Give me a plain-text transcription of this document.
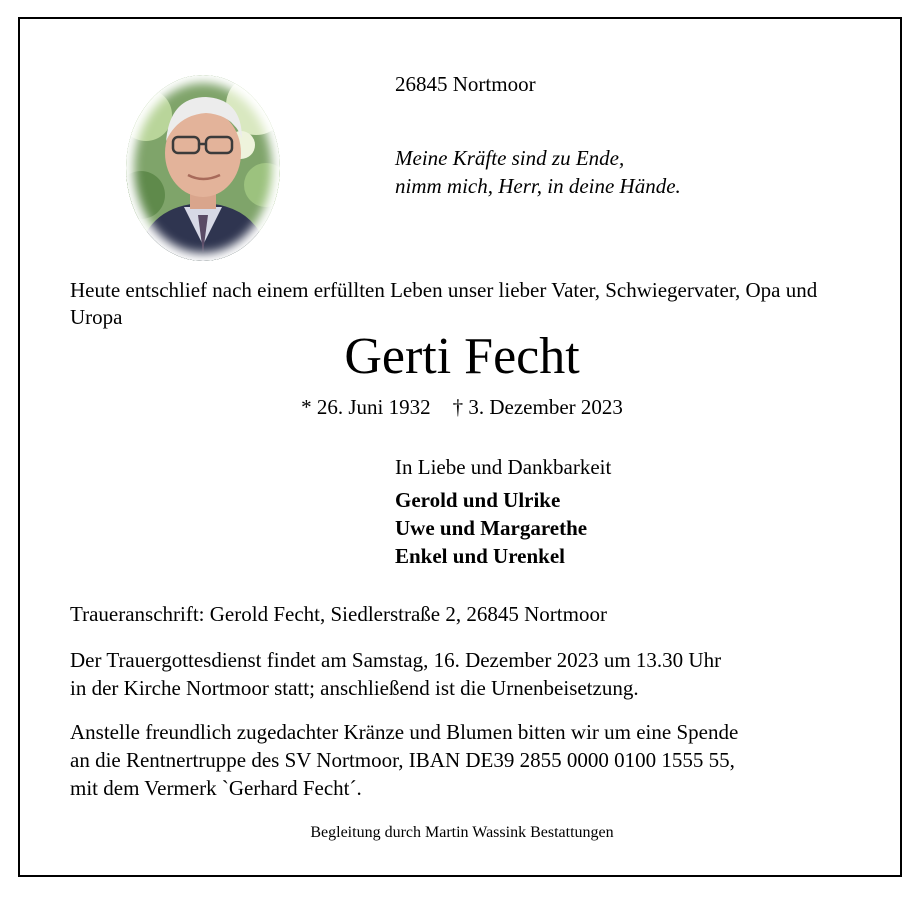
26845 Nortmoor
Meine Kräfte sind zu Ende,
nimm mich, Herr, in deine Hände.
Heute entschlief nach einem erfüllten Leben unser lieber Vater, Schwiegervater, Opa und Uropa
Gerti Fecht
* 26. Juni 1932 † 3. Dezember 2023
In Liebe und Dankbarkeit
Gerold und Ulrike
Uwe und Margarethe
Enkel und Urenkel
Traueranschrift: Gerold Fecht, Siedlerstraße 2, 26845 Nortmoor
Der Trauergottesdienst findet am Samstag, 16. Dezember 2023 um 13.30 Uhr
in der Kirche Nortmoor statt; anschließend ist die Urnenbeisetzung.
Anstelle freundlich zugedachter Kränze und Blumen bitten wir um eine Spende
an die Rentnertruppe des SV Nortmoor, IBAN DE39 2855 0000 0100 1555 55,
mit dem Vermerk `Gerhard Fecht´.
Begleitung durch Martin Wassink Bestattungen
